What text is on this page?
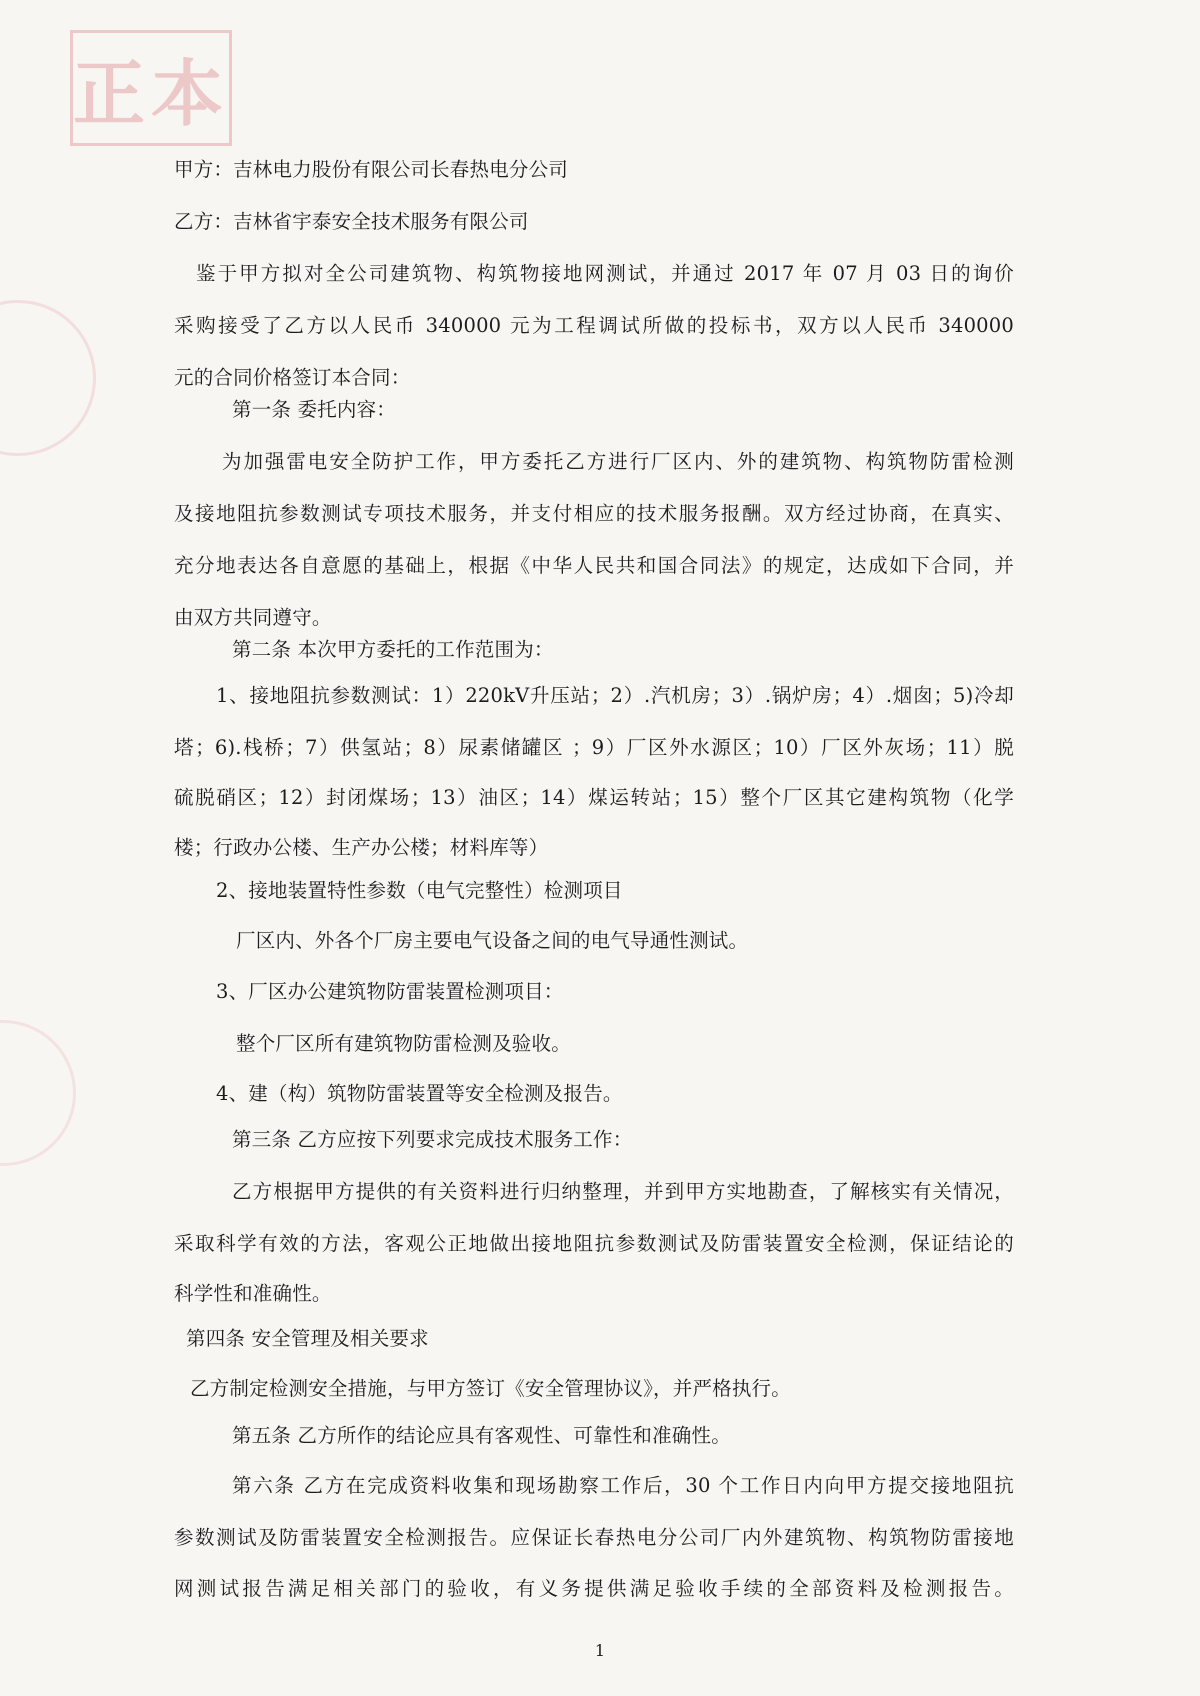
正本
甲方：吉林电力股份有限公司长春热电分公司
乙方：吉林省宇泰安全技术服务有限公司
鉴于甲方拟对全公司建筑物、构筑物接地网测试，并通过 2017 年 07 月 03 日的询价
采购接受了乙方以人民币 340000 元为工程调试所做的投标书，双方以人民币 340000
元的合同价格签订本合同：
第一条 委托内容：
为加强雷电安全防护工作，甲方委托乙方进行厂区内、外的建筑物、构筑物防雷检测
及接地阻抗参数测试专项技术服务，并支付相应的技术服务报酬。双方经过协商，在真实、
充分地表达各自意愿的基础上，根据《中华人民共和国合同法》的规定，达成如下合同，并
由双方共同遵守。
第二条 本次甲方委托的工作范围为：
1、接地阻抗参数测试：1）220kV升压站；2）.汽机房；3）.锅炉房；4）.烟囱；5)冷却
塔；6).栈桥；7）供氢站；8）尿素储罐区 ；9）厂区外水源区；10）厂区外灰场；11）脱
硫脱硝区；12）封闭煤场；13）油区；14）煤运转站；15）整个厂区其它建构筑物（化学
楼；行政办公楼、生产办公楼；材料库等）
2、接地装置特性参数（电气完整性）检测项目
厂区内、外各个厂房主要电气设备之间的电气导通性测试。
3、厂区办公建筑物防雷装置检测项目：
整个厂区所有建筑物防雷检测及验收。
4、建（构）筑物防雷装置等安全检测及报告。
第三条 乙方应按下列要求完成技术服务工作：
乙方根据甲方提供的有关资料进行归纳整理，并到甲方实地勘查，了解核实有关情况，
采取科学有效的方法，客观公正地做出接地阻抗参数测试及防雷装置安全检测，保证结论的
科学性和准确性。
第四条 安全管理及相关要求
乙方制定检测安全措施，与甲方签订《安全管理协议》，并严格执行。
第五条 乙方所作的结论应具有客观性、可靠性和准确性。
第六条 乙方在完成资料收集和现场勘察工作后，30 个工作日内向甲方提交接地阻抗
参数测试及防雷装置安全检测报告。应保证长春热电分公司厂内外建筑物、构筑物防雷接地
网测试报告满足相关部门的验收，有义务提供满足验收手续的全部资料及检测报告。
1
